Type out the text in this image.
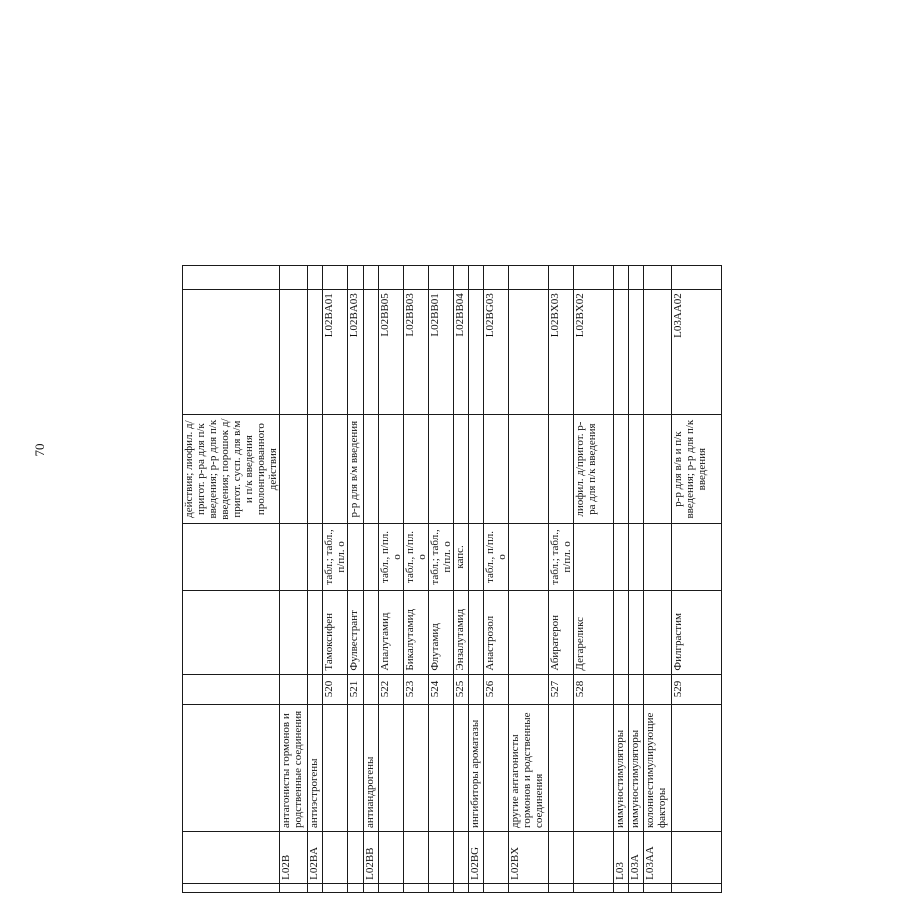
70
							действия; лиофил. д/пригот. р-ра для п/к введения; р-р для п/к введения; порошок д/пригот. сусп. для в/м и п/к введения пролонгированного действия		
	L02B	антагонисты гормонов и родственные соединения						
	L02BA	антиэстрогены						
			520	Тамоксифен	табл.; табл., п/пл. о		L02BA01	
			521	Фулвестрант		р-р для в/м введения	L02BA03	
	L02BB	антиандрогены						
			522	Апалутамид	табл., п/пл. о		L02BB05	
			523	Бикалутамид	табл., п/пл. о		L02BB03	
			524	Флутамид	табл.; табл., п/пл. о		L02BB01	
			525	Энзалутамид	капс.		L02BB04	
	L02BG	ингибиторы ароматазы						
			526	Анастрозол	табл., п/пл. о		L02BG03	
	L02BX	другие антагонисты гормонов и родственные соединения						
			527	Абиратерон	табл.; табл., п/пл. о		L02BX03	
			528	Дегареликс		лиофил. д/пригот. р-ра для п/к введения	L02BX02	
	L03	иммуностимуляторы						
	L03A	иммуностимуляторы						
	L03AA	колониестимулирующие факторы						
			529	Филграстим		р-р для в/в и п/к введения; р-р для п/к введения	L03AA02	
